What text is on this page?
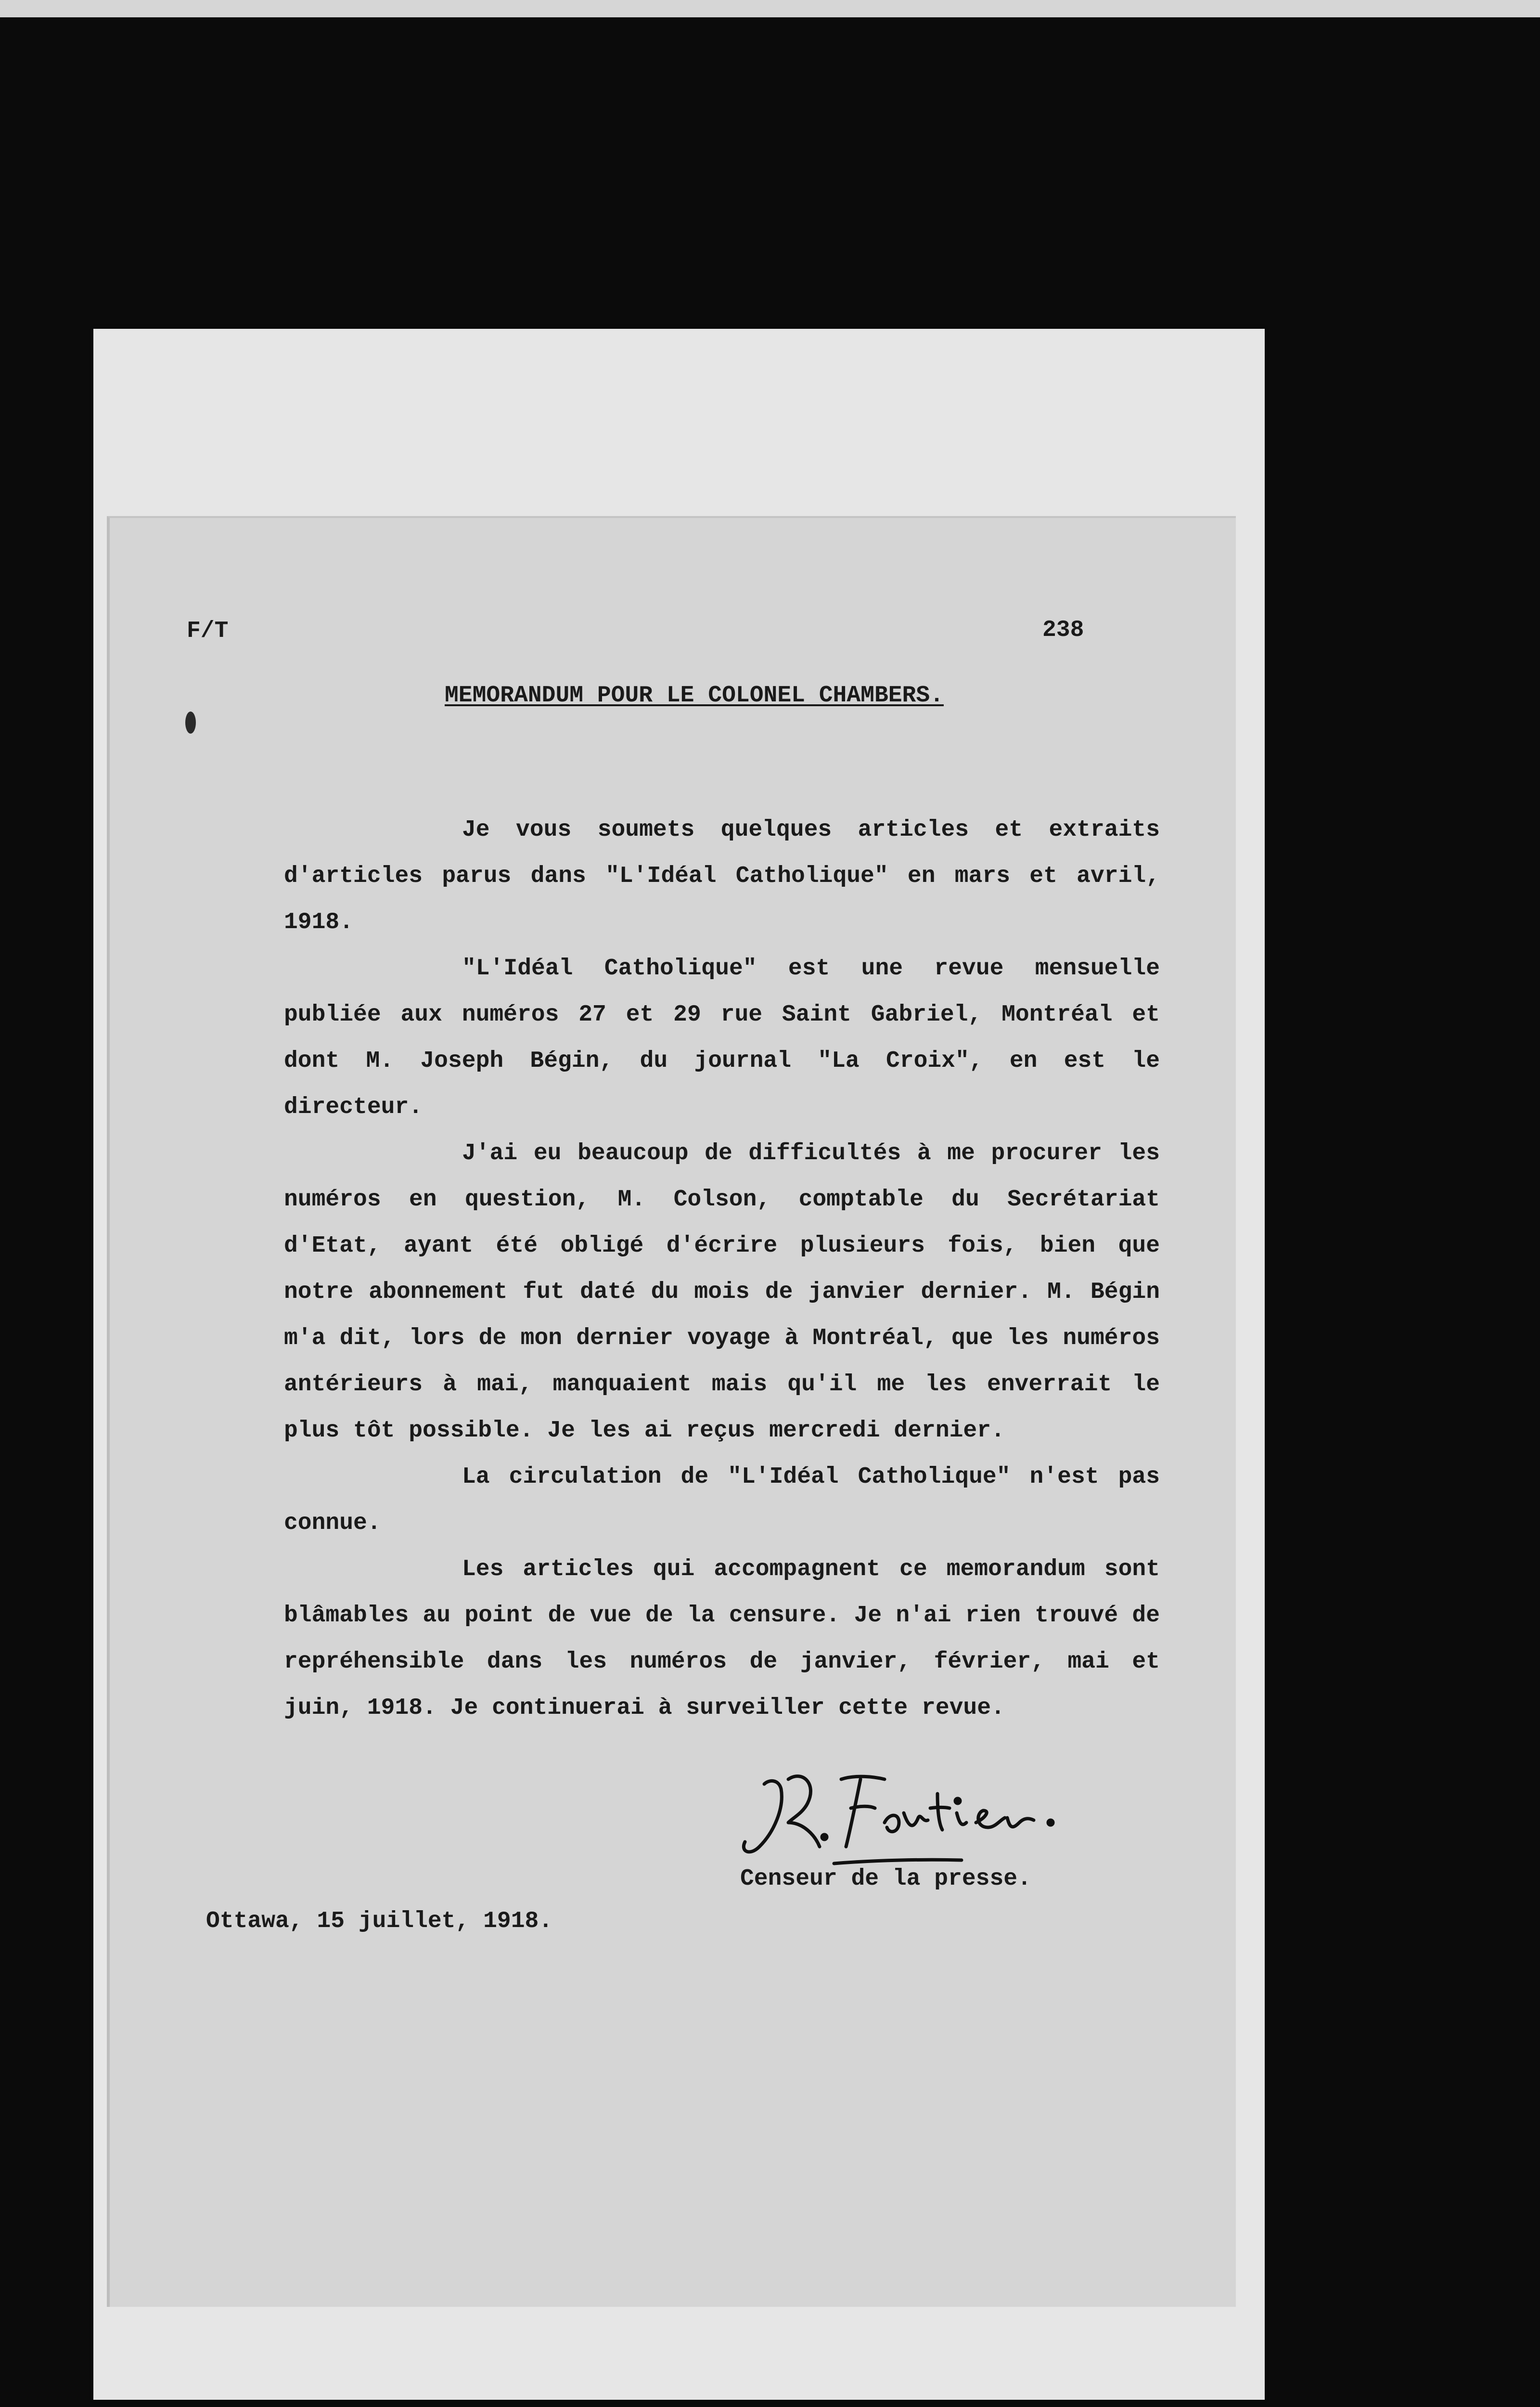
F/T	238
MEMORANDUM POUR LE COLONEL CHAMBERS.

Je vous soumets quelques articles et extraits d'articles parus dans "L'Idéal Catholique" en mars et avril, 1918.

"L'Idéal Catholique" est une revue mensuelle publiée aux numéros 27 et 29 rue Saint Gabriel, Montréal et dont M. Joseph Bégin, du journal "La Croix", en est le directeur.

J'ai eu beaucoup de difficultés à me procurer les numéros en question, M. Colson, comptable du Secrétariat d'Etat, ayant été obligé d'écrire plusieurs fois, bien que notre abonnement fut daté du mois de janvier dernier. M. Bégin m'a dit, lors de mon dernier voyage à Montréal, que les numéros antérieurs à mai, manquaient mais qu'il me les enverrait le plus tôt possible. Je les ai reçus mercredi dernier.

La circulation de "L'Idéal Catholique" n'est pas connue.

Les articles qui accompagnent ce memorandum sont blâmables au point de vue de la censure. Je n'ai rien trouvé de repréhensible dans les numéros de janvier, février, mai et juin, 1918. Je continuerai à surveiller cette revue.

Censeur de la presse.
Ottawa, 15 juillet, 1918.
